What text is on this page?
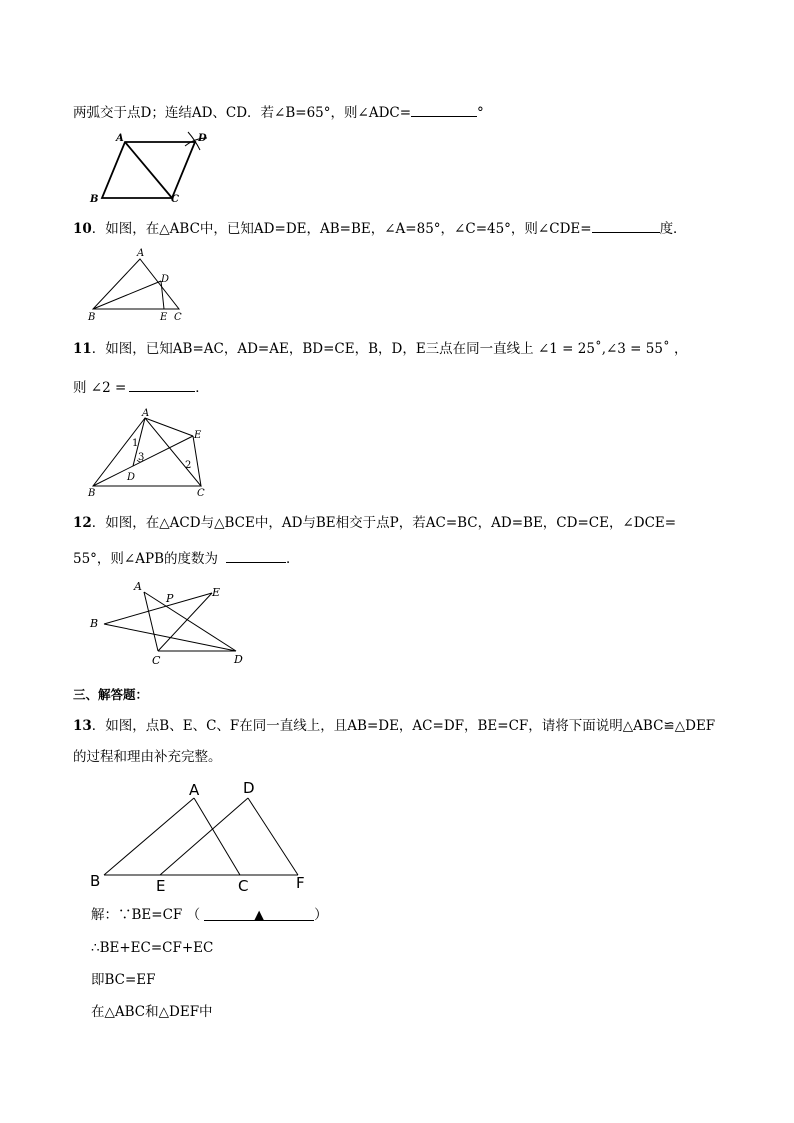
两弧交于点D；连结AD、CD．若∠B=65°，则∠ADC=	°
A	D
B	C
10．如图，在△ABC中，已知AD=DE，AB=BE，∠A=85°，∠C=45°，则∠CDE=	度．
A
D
B	E C
11．如图，已知AB=AC，AD=AE，BD=CE，B，D，E三点在同一直线上 ∠1 = 25˚,∠3 = 55˚ ，
则 ∠2 =	．
A
E
1
3
2
D
B	C
12．如图，在△ACD与△BCE中，AD与BE相交于点P，若AC=BC，AD=BE，CD=CE，∠DCE=
55°，则∠APB的度数为	．
A
P	E
B
C	D
三、解答题：
13．如图，点B、E、C、F在同一直线上，且AB=DE，AC=DF，BE=CF，请将下面说明△ABC≌△DEF
的过程和理由补充完整。
A	D
B	E	C	F
解：∵BE=CF （	▲	）
∴BE+EC=CF+EC
即BC=EF
在△ABC和△DEF中
